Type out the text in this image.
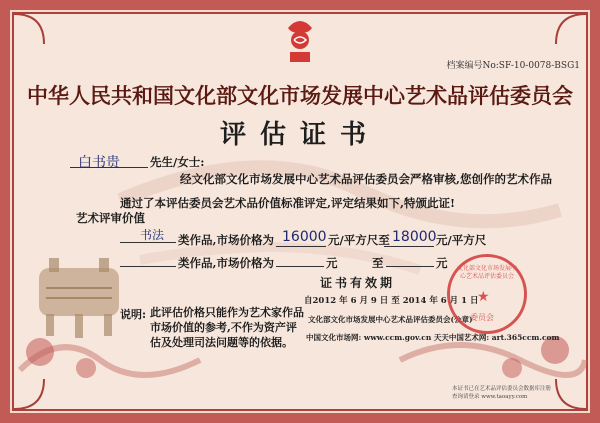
档案编号No:SF-10-0078-BSG1
中华人民共和国文化部文化市场发展中心艺术品评估委员会
评估证书
白书贵	先生/女士:
经文化部文化市场发展中心艺术品评估委员会严格审核,您创作的艺术作品
通过了本评估委员会艺术品价值标准评定,评定结果如下,特颁此证!
艺术评审价值
书法 类作品,市场价格为 16000 元/平方尺至 18000 元/平方尺
类作品,市场价格为	元	至	元
证书有效期
自2012 年 6 月 9 日 至 2014 年 6 月 1 日
说明: 此评估价格只能作为艺术家作品
市场价值的参考,不作为资产评
估及处理司法问题等的依据。
文化部文化市场发展中心艺术品评估委员会(公章)
中国文化市场网: www.ccm.gov.cn 天天中国艺术网: art.365ccm.com
文化部文化市场发展中心艺术品评估委员会
★
委员会
本证书已在艺术品评估委员会数据库注册
查询请登录 www.taoayy.com
